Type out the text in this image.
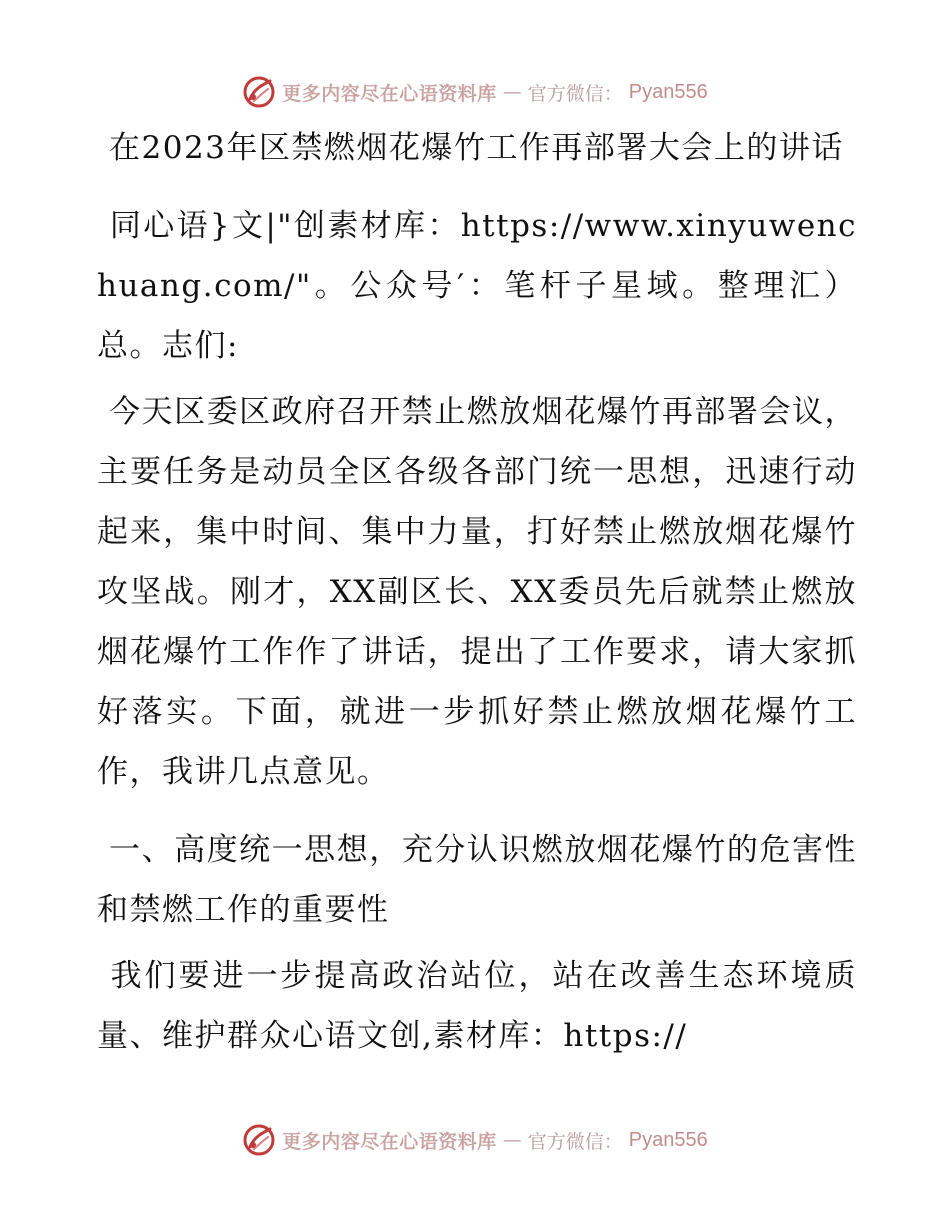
更多内容尽在心语资料库 — 官方微信： Pyan556

在2023年区禁燃烟花爆竹工作再部署大会上的讲话

同心语}文|"创素材库：https://www.xinyuwenchuang.com/"。公众号′：笔杆子星域。整理汇）总。志们:

今天区委区政府召开禁止燃放烟花爆竹再部署会议，主要任务是动员全区各级各部门统一思想，迅速行动起来，集中时间、集中力量，打好禁止燃放烟花爆竹攻坚战。刚才，XX副区长、XX委员先后就禁止燃放烟花爆竹工作作了讲话，提出了工作要求，请大家抓好落实。下面，就进一步抓好禁止燃放烟花爆竹工作，我讲几点意见。

一、高度统一思想，充分认识燃放烟花爆竹的危害性和禁燃工作的重要性

我们要进一步提高政治站位，站在改善生态环境质量、维护群众心语文创,素材库：https://

更多内容尽在心语资料库 — 官方微信： Pyan556
